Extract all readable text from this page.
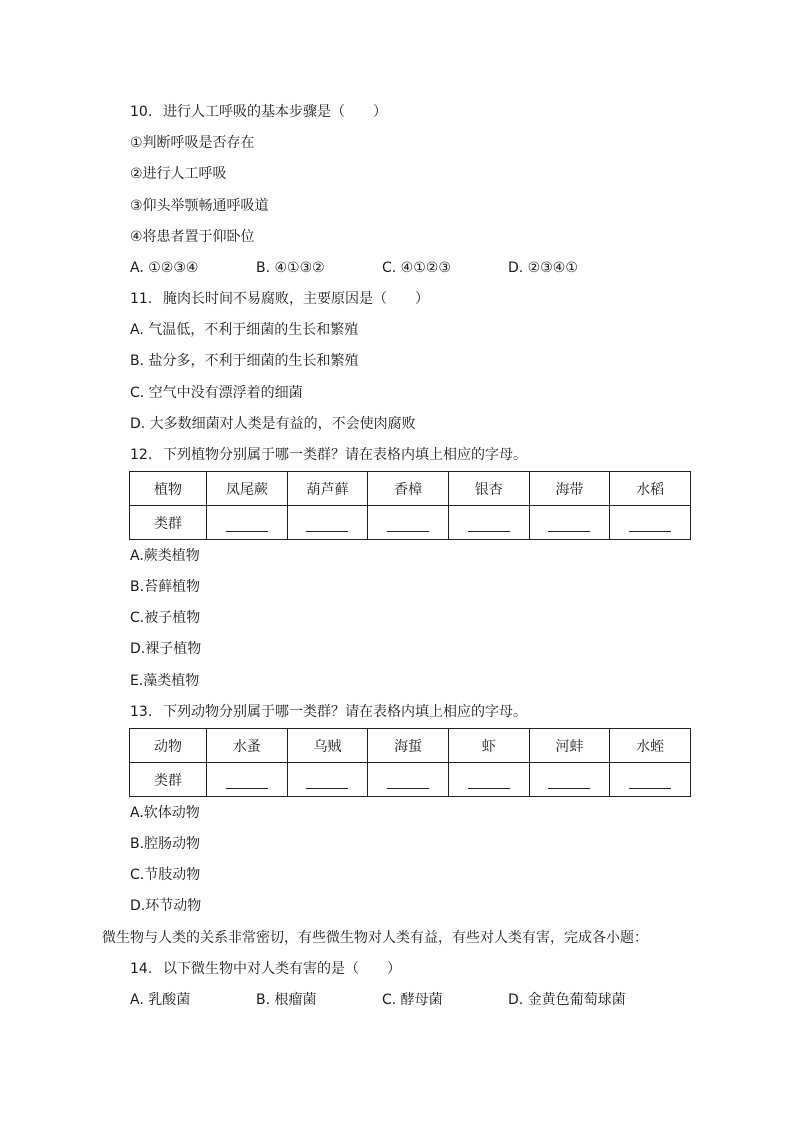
10. 进行人工呼吸的基本步骤是（　　）
①判断呼吸是否存在
②进行人工呼吸
③仰头举颚畅通呼吸道
④将患者置于仰卧位
A. ①②③④	B. ④①③②	C. ④①②③	D. ②③④①
11. 腌肉长时间不易腐败，主要原因是（　　）
A. 气温低，不利于细菌的生长和繁殖
B. 盐分多，不利于细菌的生长和繁殖
C. 空气中没有漂浮着的细菌
D. 大多数细菌对人类是有益的，不会使肉腐败
12. 下列植物分别属于哪一类群？请在表格内填上相应的字母。
植物	凤尾蕨	葫芦藓	香樟	银杏	海带	水稻
类群						
A.蕨类植物
B.苔藓植物
C.被子植物
D.裸子植物
E.藻类植物
13. 下列动物分别属于哪一类群？请在表格内填上相应的字母。
动物	水蚤	乌贼	海蜇	虾	河蚌	水蛭
类群						
A.软体动物
B.腔肠动物
C.节肢动物
D.环节动物
微生物与人类的关系非常密切，有些微生物对人类有益，有些对人类有害，完成各小题：
14. 以下微生物中对人类有害的是（　　）
A. 乳酸菌	B. 根瘤菌	C. 酵母菌	D. 金黄色葡萄球菌
